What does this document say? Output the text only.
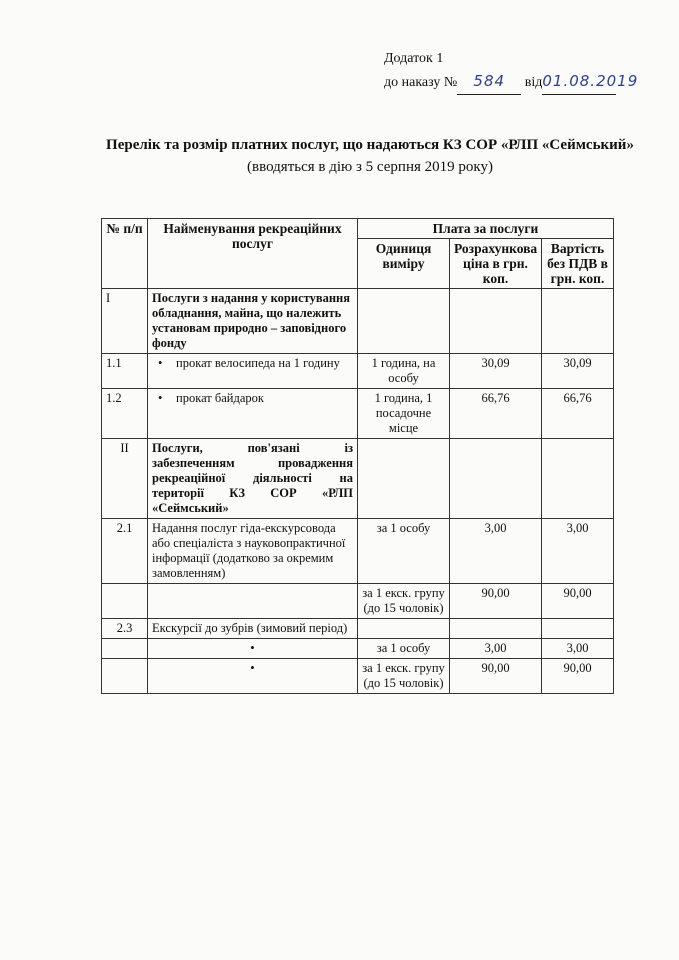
Додаток 1
до наказу № 584 від01.08.2019
Перелік та розмір платних послуг, що надаються КЗ СОР «РЛП «Сеймський»
(вводяться в дію з 5 серпня 2019 року)
№ п/п	Найменування рекреаційних послуг	Плата за послуги		
		Одиниця виміру	Розрахункова ціна в грн. коп.	Вартість без ПДВ в грн. коп.
I	Послуги з надання у користування обладнання, майна, що належить установам природно – заповідного фонду			
1.1	• прокат велосипеда на 1 годину	1 година, на особу	30,09	30,09
1.2	• прокат байдарок	1 година, 1 посадочне місце	66,76	66,76
II	Послуги, пов'язані із забезпеченням провадження рекреаційної діяльності на території КЗ СОР «РЛП «Сеймський»			
2.1	Надання послуг гіда-екскурсовода або спеціаліста з науковопрактичної інформації (додатково за окремим замовленням)	за 1 особу	3,00	3,00
		за 1 екск. групу (до 15 чоловік)	90,00	90,00
2.3	Екскурсії до зубрів (зимовий період)			
	•	за 1 особу	3,00	3,00
	•	за 1 екск. групу (до 15 чоловік)	90,00	90,00
